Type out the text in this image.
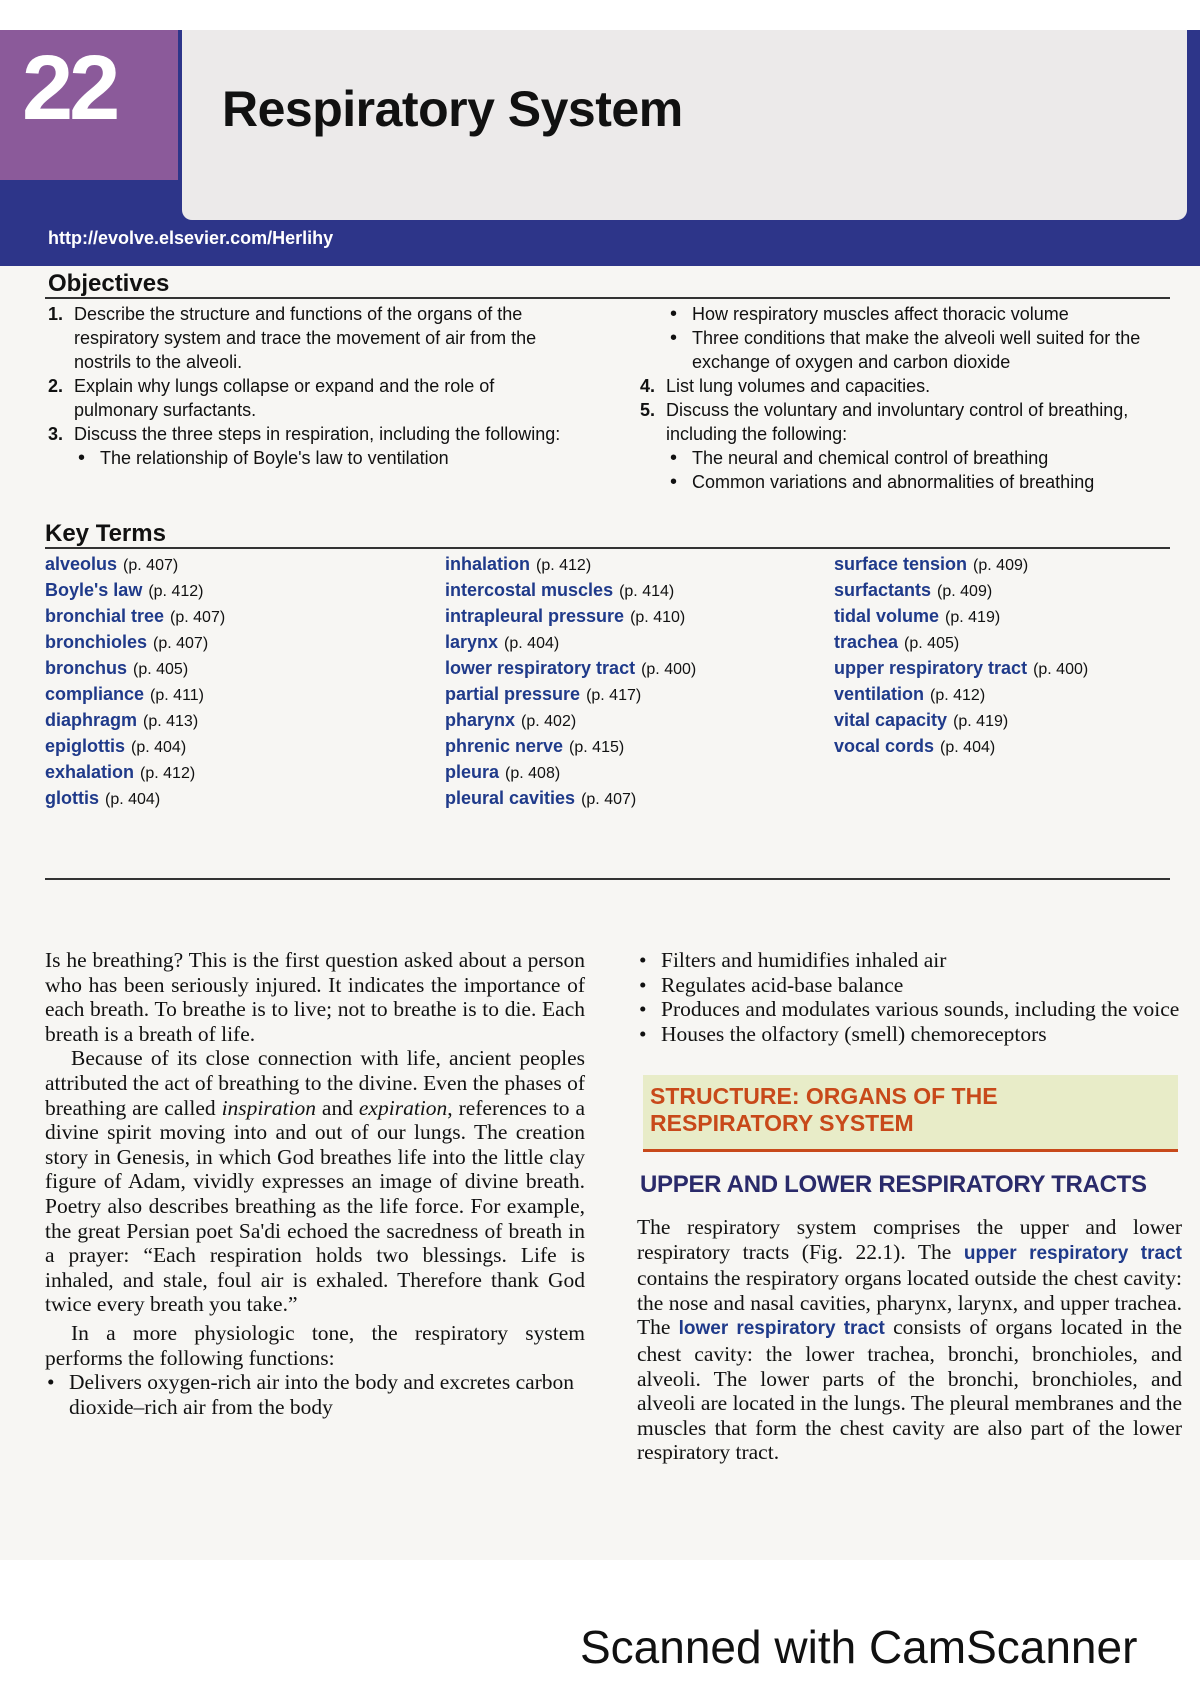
22 Respiratory System
http://evolve.elsevier.com/Herlihy
Objectives
1. Describe the structure and functions of the organs of the respiratory system and trace the movement of air from the nostrils to the alveoli.
2. Explain why lungs collapse or expand and the role of pulmonary surfactants.
3. Discuss the three steps in respiration, including the following:
• The relationship of Boyle's law to ventilation
• How respiratory muscles affect thoracic volume
• Three conditions that make the alveoli well suited for the exchange of oxygen and carbon dioxide
4. List lung volumes and capacities.
5. Discuss the voluntary and involuntary control of breathing, including the following:
• The neural and chemical control of breathing
• Common variations and abnormalities of breathing
Key Terms
alveolus (p. 407)
Boyle's law (p. 412)
bronchial tree (p. 407)
bronchioles (p. 407)
bronchus (p. 405)
compliance (p. 411)
diaphragm (p. 413)
epiglottis (p. 404)
exhalation (p. 412)
glottis (p. 404)
inhalation (p. 412)
intercostal muscles (p. 414)
intrapleural pressure (p. 410)
larynx (p. 404)
lower respiratory tract (p. 400)
partial pressure (p. 417)
pharynx (p. 402)
phrenic nerve (p. 415)
pleura (p. 408)
pleural cavities (p. 407)
surface tension (p. 409)
surfactants (p. 409)
tidal volume (p. 419)
trachea (p. 405)
upper respiratory tract (p. 400)
ventilation (p. 412)
vital capacity (p. 419)
vocal cords (p. 404)

Is he breathing? This is the first question asked about a person who has been seriously injured. It indicates the importance of each breath. To breathe is to live; not to breathe is to die. Each breath is a breath of life.

Because of its close connection with life, ancient peoples attributed the act of breathing to the divine. Even the phases of breathing are called inspiration and expiration, references to a divine spirit moving into and out of our lungs. The creation story in Genesis, in which God breathes life into the little clay figure of Adam, vividly expresses an image of divine breath. Poetry also describes breathing as the life force. For example, the great Persian poet Sa'di echoed the sacredness of breath in a prayer: “Each respiration holds two blessings. Life is inhaled, and stale, foul air is exhaled. Therefore thank God twice every breath you take.”

In a more physiologic tone, the respiratory system performs the following functions:

• Delivers oxygen-rich air into the body and excretes carbon dioxide–rich air from the body
• Filters and humidifies inhaled air
• Regulates acid-base balance
• Produces and modulates various sounds, including the voice
• Houses the olfactory (smell) chemoreceptors
STRUCTURE: ORGANS OF THE
RESPIRATORY SYSTEM
UPPER AND LOWER RESPIRATORY TRACTS

The respiratory system comprises the upper and lower respiratory tracts (Fig. 22.1). The upper respiratory tract contains the respiratory organs located outside the chest cavity: the nose and nasal cavities, pharynx, larynx, and upper trachea. The lower respiratory tract consists of organs located in the chest cavity: the lower trachea, bronchi, bronchioles, and alveoli. The lower parts of the bronchi, bronchioles, and alveoli are located in the lungs. The pleural membranes and the muscles that form the chest cavity are also part of the lower respiratory tract.

Scanned with CamScanner
